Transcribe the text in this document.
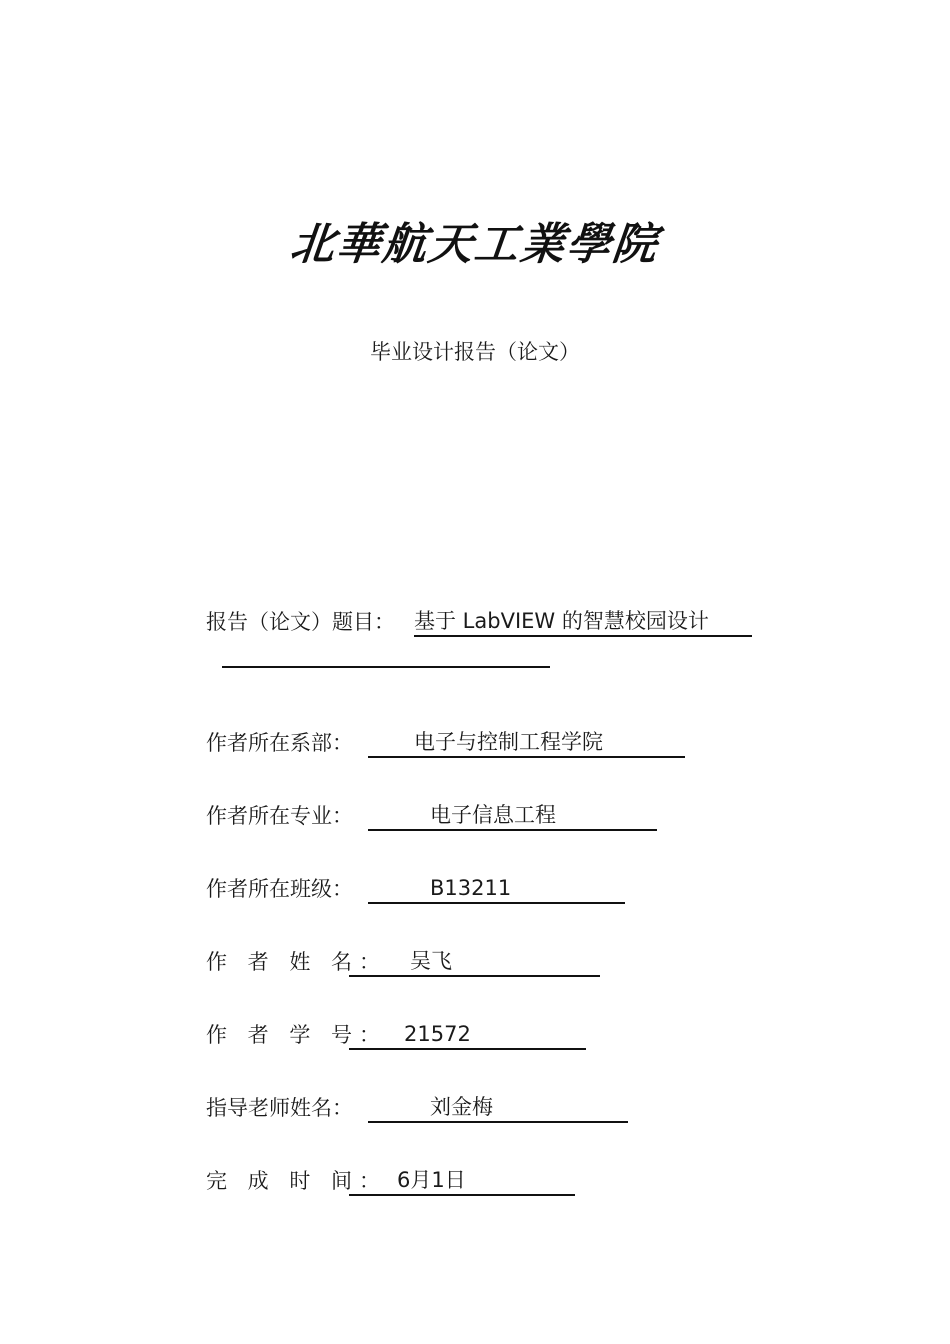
北華航天工業學院
毕业设计报告（论文）
报告（论文）题目： 基于 LabVIEW 的智慧校园设计
作者所在系部：	电子与控制工程学院
作者所在专业：	电子信息工程
作者所在班级：	B13211
作 者 姓 名： 吴飞
作 者 学 号： 21572
指导老师姓名：	刘金梅
完 成 时 间： 6月1日
